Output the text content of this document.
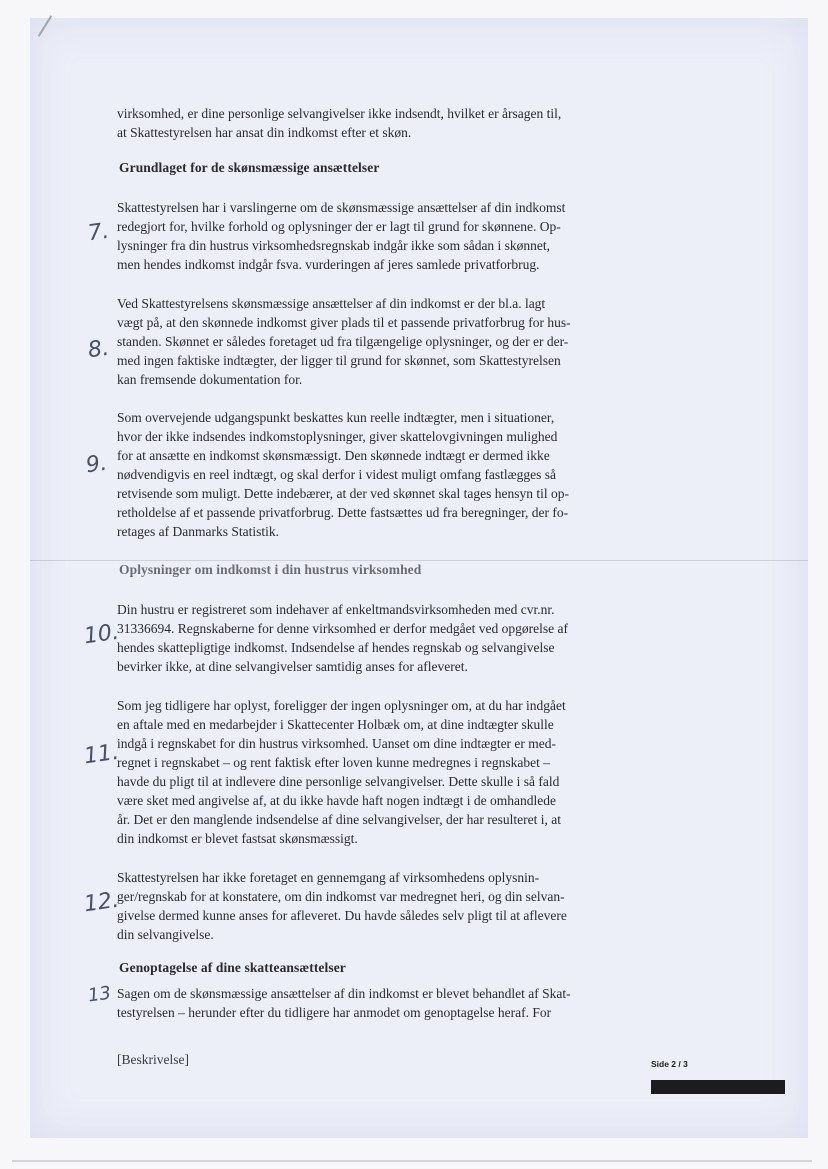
virksomhed, er dine personlige selvangivelser ikke indsendt, hvilket er årsagen til,
at Skattestyrelsen har ansat din indkomst efter et skøn.

Grundlaget for de skønsmæssige ansættelser

Skattestyrelsen har i varslingerne om de skønsmæssige ansættelser af din indkomst
redegjort for, hvilke forhold og oplysninger der er lagt til grund for skønnene. Op-
lysninger fra din hustrus virksomhedsregnskab indgår ikke som sådan i skønnet,
men hendes indkomst indgår fsva. vurderingen af jeres samlede privatforbrug.

7.

Ved Skattestyrelsens skønsmæssige ansættelser af din indkomst er der bl.a. lagt
vægt på, at den skønnede indkomst giver plads til et passende privatforbrug for hus-
standen. Skønnet er således foretaget ud fra tilgængelige oplysninger, og der er der-
med ingen faktiske indtægter, der ligger til grund for skønnet, som Skattestyrelsen
kan fremsende dokumentation for.

8.

Som overvejende udgangspunkt beskattes kun reelle indtægter, men i situationer,
hvor der ikke indsendes indkomstoplysninger, giver skattelovgivningen mulighed
for at ansætte en indkomst skønsmæssigt. Den skønnede indtægt er dermed ikke
nødvendigvis en reel indtægt, og skal derfor i videst muligt omfang fastlægges så
retvisende som muligt. Dette indebærer, at der ved skønnet skal tages hensyn til op-
retholdelse af et passende privatforbrug. Dette fastsættes ud fra beregninger, der fo-
retages af Danmarks Statistik.

9.
Oplysninger om indkomst i din hustrus virksomhed

Din hustru er registreret som indehaver af enkeltmandsvirksomheden med cvr.nr.
31336694. Regnskaberne for denne virksomhed er derfor medgået ved opgørelse af
hendes skattepligtige indkomst. Indsendelse af hendes regnskab og selvangivelse
bevirker ikke, at dine selvangivelser samtidig anses for afleveret.

10.

Som jeg tidligere har oplyst, foreligger der ingen oplysninger om, at du har indgået
en aftale med en medarbejder i Skattecenter Holbæk om, at dine indtægter skulle
indgå i regnskabet for din hustrus virksomhed. Uanset om dine indtægter er med-
regnet i regnskabet – og rent faktisk efter loven kunne medregnes i regnskabet –
havde du pligt til at indlevere dine personlige selvangivelser. Dette skulle i så fald
være sket med angivelse af, at du ikke havde haft nogen indtægt i de omhandlede
år. Det er den manglende indsendelse af dine selvangivelser, der har resulteret i, at
din indkomst er blevet fastsat skønsmæssigt.

11.

Skattestyrelsen har ikke foretaget en gennemgang af virksomhedens oplysnin-
ger/regnskab for at konstatere, om din indkomst var medregnet heri, og din selvan-
givelse dermed kunne anses for afleveret. Du havde således selv pligt til at aflevere
din selvangivelse.

12.
Genoptagelse af dine skatteansættelser

Sagen om de skønsmæssige ansættelser af din indkomst er blevet behandlet af Skat-
testyrelsen – herunder efter du tidligere har anmodet om genoptagelse heraf. For

13
[Beskrivelse]	Side 2 / 3
